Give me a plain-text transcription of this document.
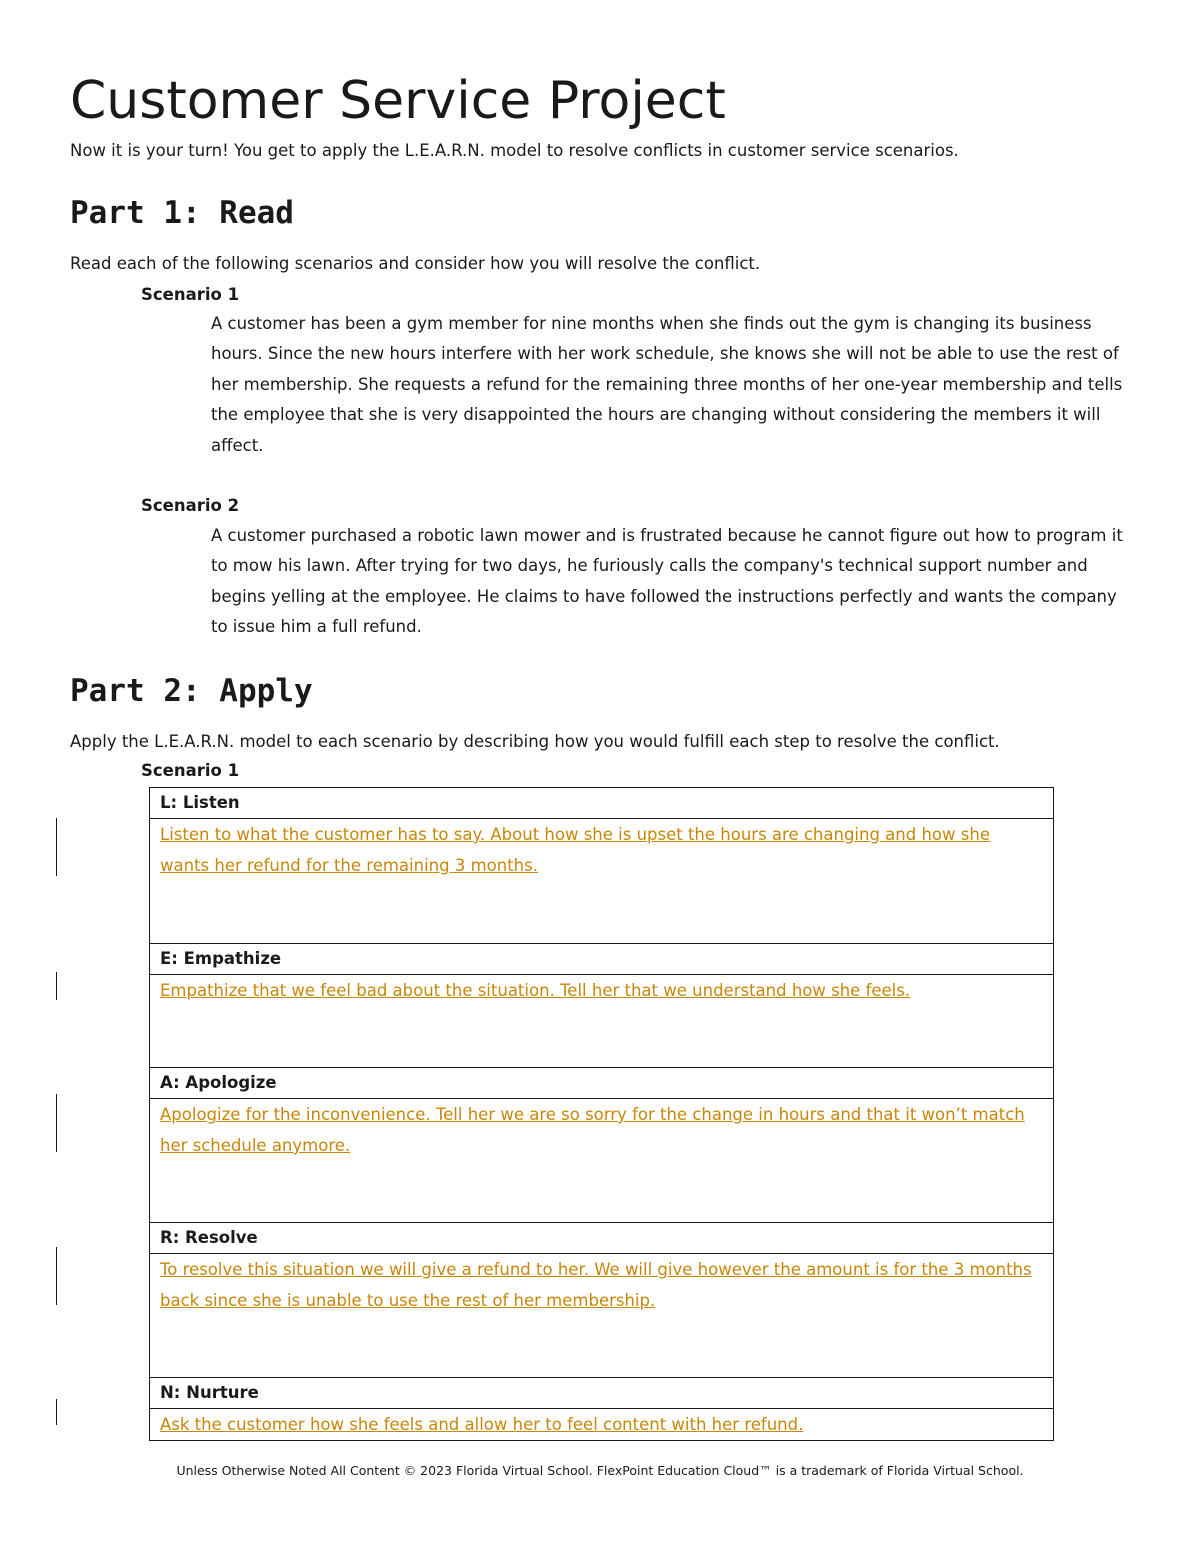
Customer Service Project

Now it is your turn! You get to apply the L.E.A.R.N. model to resolve conflicts in customer service scenarios.

Part 1: Read

Read each of the following scenarios and consider how you will resolve the conflict.

Scenario 1

A customer has been a gym member for nine months when she finds out the gym is changing its business hours. Since the new hours interfere with her work schedule, she knows she will not be able to use the rest of her membership. She requests a refund for the remaining three months of her one-year membership and tells the employee that she is very disappointed the hours are changing without considering the members it will affect.

Scenario 2

A customer purchased a robotic lawn mower and is frustrated because he cannot figure out how to program it to mow his lawn. After trying for two days, he furiously calls the company's technical support number and begins yelling at the employee. He claims to have followed the instructions perfectly and wants the company to issue him a full refund.

Part 2: Apply

Apply the L.E.A.R.N. model to each scenario by describing how you would fulfill each step to resolve the conflict.

Scenario 1

L: Listen
Listen to what the customer has to say. About how she is upset the hours are changing and how she wants her refund for the remaining 3 months.
E: Empathize
Empathize that we feel bad about the situation. Tell her that we understand how she feels.
A: Apologize
Apologize for the inconvenience. Tell her we are so sorry for the change in hours and that it won’t match her schedule anymore.
R: Resolve
To resolve this situation we will give a refund to her. We will give however the amount is for the 3 months back since she is unable to use the rest of her membership.
N: Nurture
Ask the customer how she feels and allow her to feel content with her refund.

Unless Otherwise Noted All Content © 2023 Florida Virtual School. FlexPoint Education Cloud™ is a trademark of Florida Virtual School.
